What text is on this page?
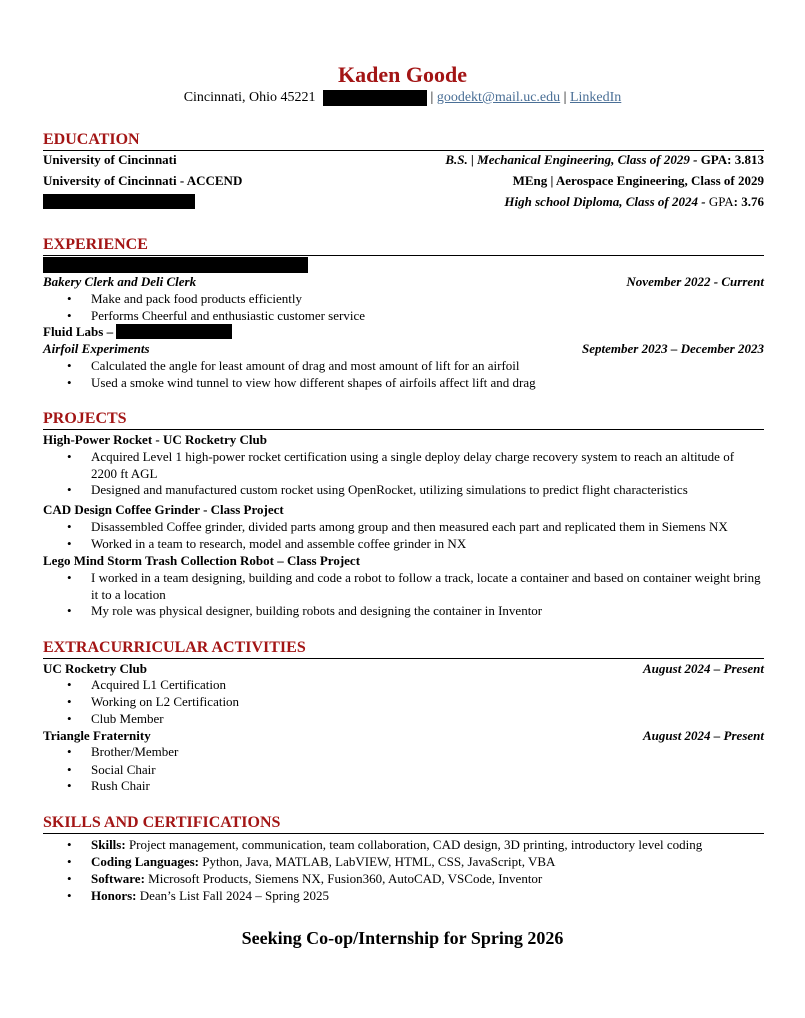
Kaden Goode
Cincinnati, Ohio 45221	| goodekt@mail.uc.edu | LinkedIn
EDUCATION
University of Cincinnati	B.S. | Mechanical Engineering, Class of 2029 - GPA: 3.813
University of Cincinnati - ACCEND	MEng | Aerospace Engineering, Class of 2029
High school Diploma, Class of 2024 - GPA: 3.76
EXPERIENCE
Bakery Clerk and Deli Clerk	November 2022 - Current
• Make and pack food products efficiently
• Performs Cheerful and enthusiastic customer service
Fluid Labs –
Airfoil Experiments	September 2023 – December 2023
• Calculated the angle for least amount of drag and most amount of lift for an airfoil
• Used a smoke wind tunnel to view how different shapes of airfoils affect lift and drag
PROJECTS
High-Power Rocket - UC Rocketry Club
• Acquired Level 1 high-power rocket certification using a single deploy delay charge recovery system to reach an altitude of 2200 ft AGL
• Designed and manufactured custom rocket using OpenRocket, utilizing simulations to predict flight characteristics
CAD Design Coffee Grinder - Class Project
• Disassembled Coffee grinder, divided parts among group and then measured each part and replicated them in Siemens NX
• Worked in a team to research, model and assemble coffee grinder in NX
Lego Mind Storm Trash Collection Robot – Class Project
• I worked in a team designing, building and code a robot to follow a track, locate a container and based on container weight bring it to a location
• My role was physical designer, building robots and designing the container in Inventor
EXTRACURRICULAR ACTIVITIES
UC Rocketry Club	August 2024 – Present
• Acquired L1 Certification
• Working on L2 Certification
• Club Member
Triangle Fraternity	August 2024 – Present
• Brother/Member
• Social Chair
• Rush Chair
SKILLS AND CERTIFICATIONS
• Skills: Project management, communication, team collaboration, CAD design, 3D printing, introductory level coding
• Coding Languages: Python, Java, MATLAB, LabVIEW, HTML, CSS, JavaScript, VBA
• Software: Microsoft Products, Siemens NX, Fusion360, AutoCAD, VSCode, Inventor
• Honors: Dean’s List Fall 2024 – Spring 2025
Seeking Co-op/Internship for Spring 2026
